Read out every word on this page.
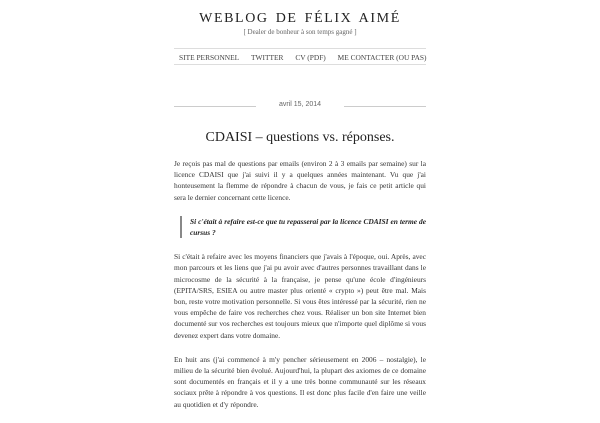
WEBLOG DE FÉLIX AIMÉ
[ Dealer de bonheur à son temps gagné ]
SITE PERSONNEL TWITTER CV (PDF) ME CONTACTER (OU PAS)
avril 15, 2014
CDAISI – questions vs. réponses.

Je reçois pas mal de questions par emails (environ 2 à 3 emails par semaine) sur la licence CDAISI que j'ai suivi il y a quelques années maintenant. Vu que j'ai honteusement la flemme de répondre à chacun de vous, je fais ce petit article qui sera le dernier concernant cette licence.

Si c'était à refaire est-ce que tu repasserai par la licence CDAISI en terme de cursus ?

Si c'était à refaire avec les moyens financiers que j'avais à l'époque, oui. Après, avec mon parcours et les liens que j'ai pu avoir avec d'autres personnes travaillant dans le microcosme de la sécurité à la française, je pense qu'une école d'ingénieurs (EPITA/SRS, ESIEA ou autre master plus orienté « crypto ») peut être mal. Mais bon, reste votre motivation personnelle. Si vous êtes intéressé par la sécurité, rien ne vous empêche de faire vos recherches chez vous. Réaliser un bon site Internet bien documenté sur vos recherches est toujours mieux que n'importe quel diplôme si vous devenez expert dans votre domaine.

En huit ans (j'ai commencé à m'y pencher sérieusement en 2006 – nostalgie), le milieu de la sécurité bien évolué. Aujourd'hui, la plupart des axiomes de ce domaine sont documentés en français et il y a une très bonne communauté sur les réseaux sociaux prête à répondre à vos questions. Il est donc plus facile d'en faire une veille au quotidien et d'y répondre.
